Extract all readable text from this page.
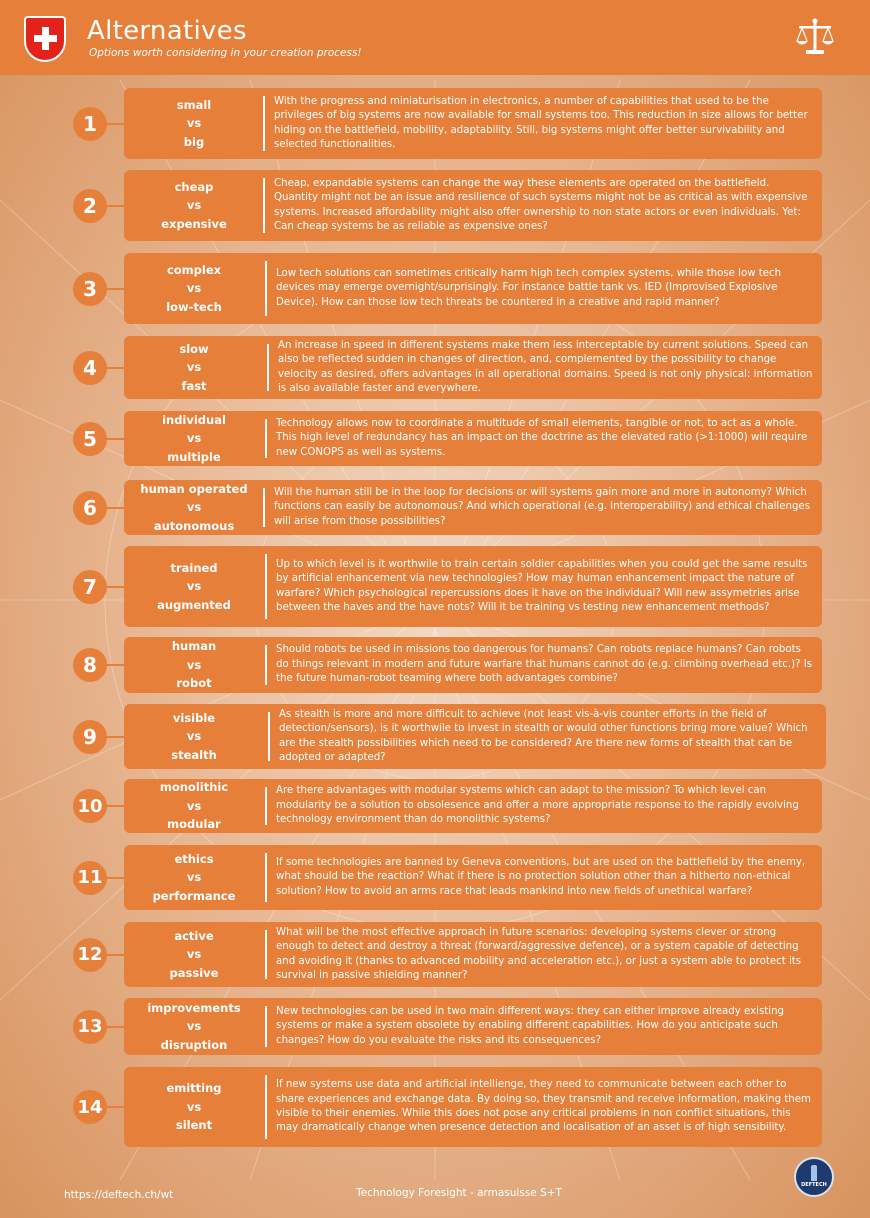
Alternatives
Options worth considering in your creation process!
1
small
vs
big
With the progress and miniaturisation in electronics, a number of capabilities that used to be the privileges of big systems are now available for small systems too. This reduction in size allows for better hiding on the battlefield, mobility, adaptability. Still, big systems might offer better survivability and selected functionalities.
2
cheap
vs
expensive
Cheap, expandable systems can change the way these elements are operated on the battlefield. Quantity might not be an issue and resilience of such systems might not be as critical as with expensive systems. Increased affordability might also offer ownership to non state actors or even individuals. Yet: Can cheap systems be as reliable as expensive ones?
3
complex
vs
low-tech
Low tech solutions can sometimes critically harm high tech complex systems, while those low tech devices may emerge overnight/surprisingly. For instance battle tank vs. IED (Improvised Explosive Device). How can those low tech threats be countered in a creative and rapid manner?
4
slow
vs
fast
An increase in speed in different systems make them less interceptable by current solutions. Speed can also be reflected sudden in changes of direction, and, complemented by the possibility to change velocity as desired, offers advantages in all operational domains. Speed is not only physical: information is also available faster and everywhere.
5
individual
vs
multiple
Technology allows now to coordinate a multitude of small elements, tangible or not, to act as a whole. This high level of redundancy has an impact on the doctrine as the elevated ratio (>1:1000) will require new CONOPS as well as systems.
6
human operated
vs
autonomous
Will the human still be in the loop for decisions or will systems gain more and more in autonomy? Which functions can easily be autonomous? And which operational (e.g. interoperability) and ethical challenges will arise from those possibilities?
7
trained
vs
augmented
Up to which level is it worthwile to train certain soldier capabilities when you could get the same results by artificial enhancement via new technologies? How may human enhancement impact the nature of warfare? Which psychological repercussions does it have on the individual? Will new assymetries arise between the haves and the have nots? Will it be training vs testing new enhancement methods?
8
human
vs
robot
Should robots be used in missions too dangerous for humans? Can robots replace humans? Can robots do things relevant in modern and future warfare that humans cannot do (e.g. climbing overhead etc.)? Is the future human-robot teaming where both advantages combine?
9
visible
vs
stealth
As stealth is more and more difficult to achieve (not least vis-à-vis counter efforts in the field of detection/sensors), is it worthwile to invest in stealth or would other functions bring more value? Which are the stealth possibilities which need to be considered? Are there new forms of stealth that can be adopted or adapted?
10
monolithic
vs
modular
Are there advantages with modular systems which can adapt to the mission? To which level can modularity be a solution to obsolesence and offer a more appropriate response to the rapidly evolving technology environment than do monolithic systems?
11
ethics
vs
performance
If some technologies are banned by Geneva conventions, but are used on the battlefield by the enemy, what should be the reaction? What if there is no protection solution other than a hitherto non-ethical solution? How to avoid an arms race that leads mankind into new fields of unethical warfare?
12
active
vs
passive
What will be the most effective approach in future scenarios: developing systems clever or strong enough to detect and destroy a threat (forward/aggressive defence), or a system capable of detecting and avoiding it (thanks to advanced mobility and acceleration etc.), or just a system able to protect its survival in passive shielding manner?
13
improvements
vs
disruption
New technologies can be used in two main different ways: they can either improve already existing systems or make a system obsolete by enabling different capabilities. How do you anticipate such changes? How do you evaluate the risks and its consequences?
14
emitting
vs
silent
If new systems use data and artificial intellienge, they need to communicate between each other to share experiences and exchange data. By doing so, they transmit and receive information, making them visible to their enemies. While this does not pose any critical problems in non conflict situations, this may dramatically change when presence detection and localisation of an asset is of high sensibility.
https://deftech.ch/wt	Technology Foresight - armasuisse S+T
DEFTECH
